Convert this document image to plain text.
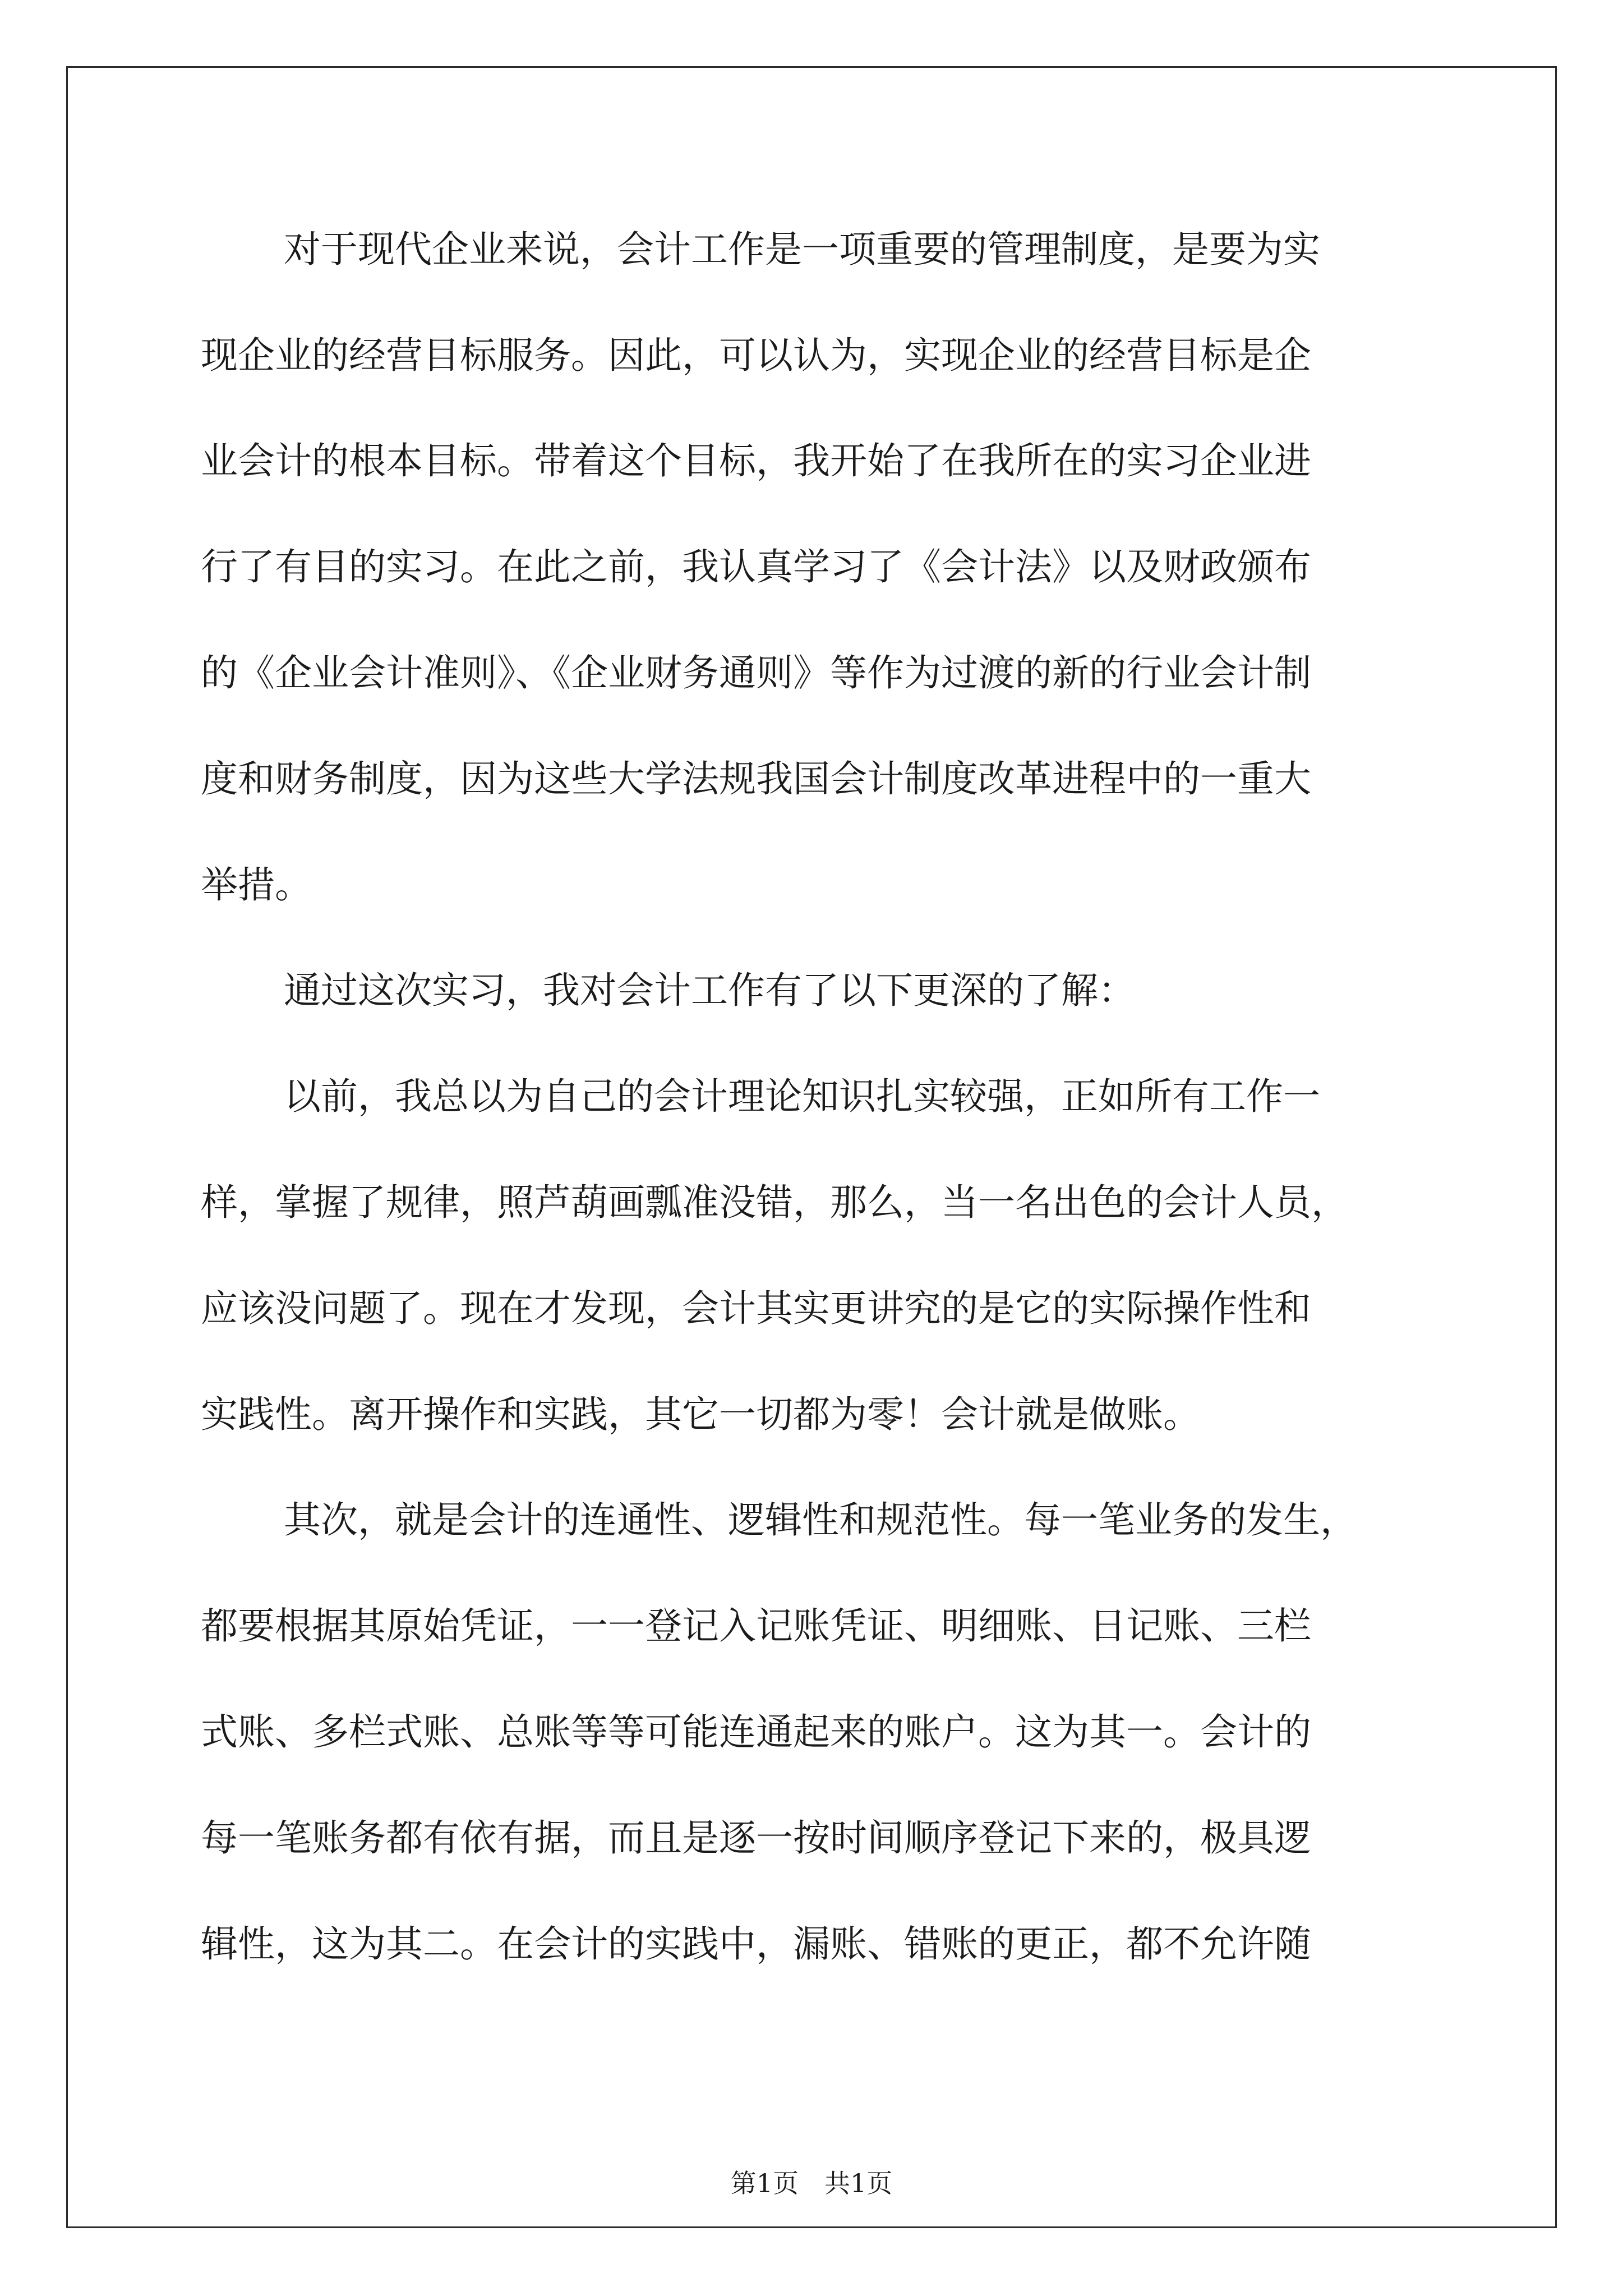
对于现代企业来说，会计工作是一项重要的管理制度，是要为实

现企业的经营目标服务。因此，可以认为，实现企业的经营目标是企

业会计的根本目标。带着这个目标，我开始了在我所在的实习企业进

行了有目的实习。在此之前，我认真学习了《会计法》以及财政颁布

的《企业会计准则》、《企业财务通则》等作为过渡的新的行业会计制

度和财务制度，因为这些大学法规我国会计制度改革进程中的一重大

举措。

通过这次实习，我对会计工作有了以下更深的了解：

以前，我总以为自己的会计理论知识扎实较强，正如所有工作一

样，掌握了规律，照芦葫画瓢准没错，那么，当一名出色的会计人员，

应该没问题了。现在才发现，会计其实更讲究的是它的实际操作性和

实践性。离开操作和实践，其它一切都为零！会计就是做账。

其次，就是会计的连通性、逻辑性和规范性。每一笔业务的发生，

都要根据其原始凭证，一一登记入记账凭证、明细账、日记账、三栏

式账、多栏式账、总账等等可能连通起来的账户。这为其一。会计的

每一笔账务都有依有据，而且是逐一按时间顺序登记下来的，极具逻

辑性，这为其二。在会计的实践中，漏账、错账的更正，都不允许随

第1页　共1页
